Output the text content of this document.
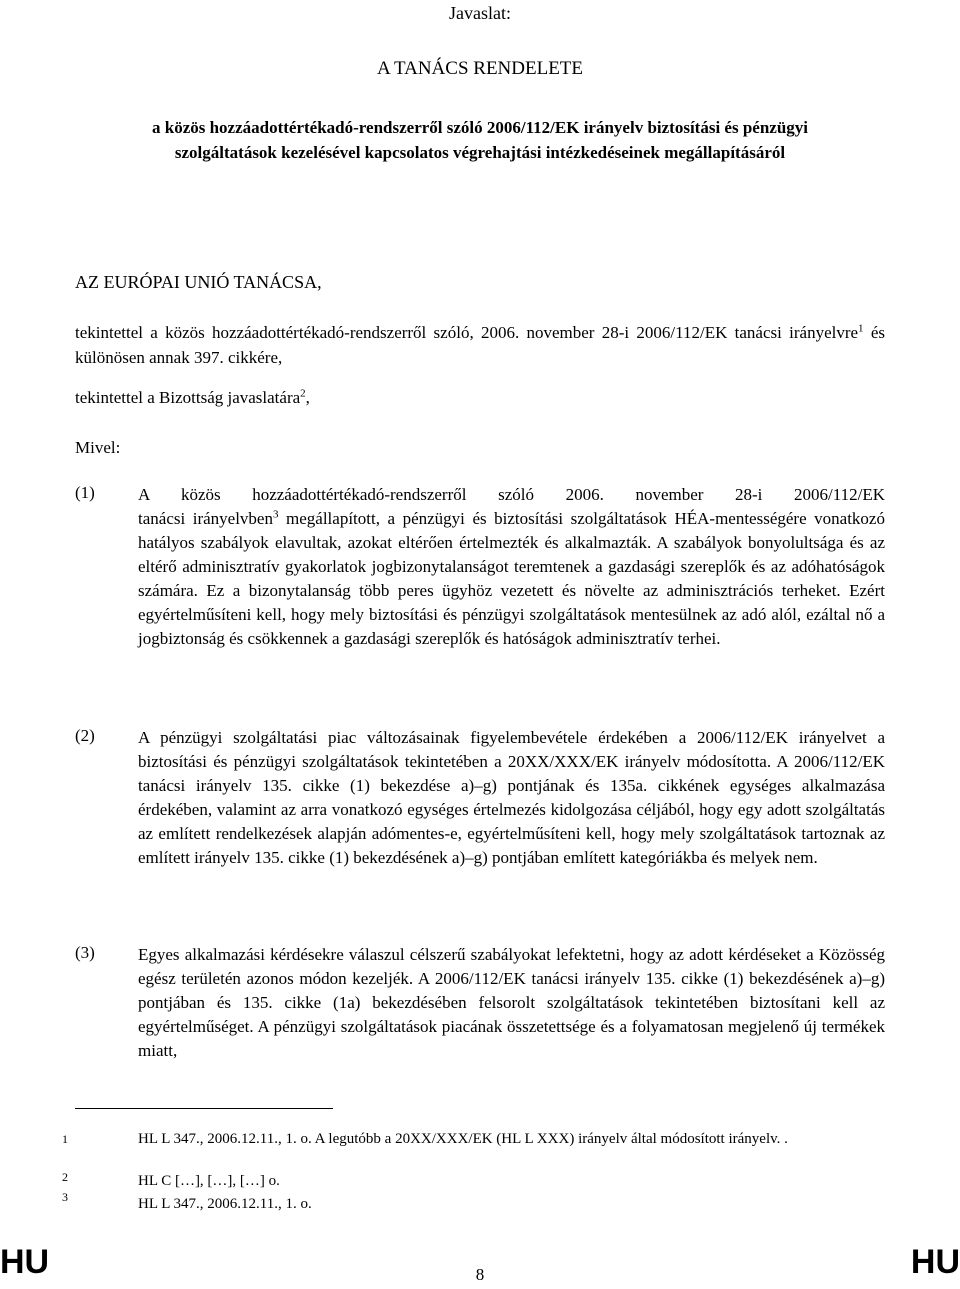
Javaslat:
A TANÁCS RENDELETE
a közös hozzáadottértékadó-rendszerről szóló 2006/112/EK irányelv biztosítási és pénzügyi szolgáltatások kezelésével kapcsolatos végrehajtási intézkedéseinek megállapításáról
AZ EURÓPAI UNIÓ TANÁCSA,
tekintettel a közös hozzáadottértékadó-rendszerről szóló, 2006. november 28-i 2006/112/EK tanácsi irányelvre$^1$ és különösen annak 397. cikkére,
tekintettel a Bizottság javaslatára$^2$,
Mivel:
(1)	A közös hozzáadottértékadó-rendszerről szóló 2006. november 28-i 2006/112/EK
tanácsi irányelvben$^3$ megállapított, a pénzügyi és biztosítási szolgáltatások HÉA-mentességére vonatkozó hatályos szabályok elavultak, azokat eltérően értelmezték és alkalmazták. A szabályok bonyolultsága és az eltérő adminisztratív gyakorlatok jogbizonytalanságot teremtenek a gazdasági szereplők és az adóhatóságok számára. Ez a bizonytalanság több peres ügyhöz vezetett és növelte az adminisztrációs terheket. Ezért egyértelműsíteni kell, hogy mely biztosítási és pénzügyi szolgáltatások mentesülnek az adó alól, ezáltal nő a jogbiztonság és csökkennek a gazdasági szereplők és hatóságok adminisztratív terhei.
(2)	A pénzügyi szolgáltatási piac változásainak figyelembevétele érdekében a 2006/112/EK irányelvet a biztosítási és pénzügyi szolgáltatások tekintetében a 20XX/XXX/EK irányelv módosította. A 2006/112/EK tanácsi irányelv 135. cikke (1) bekezdése a)–g) pontjának és 135a. cikkének egységes alkalmazása érdekében, valamint az arra vonatkozó egységes értelmezés kidolgozása céljából, hogy egy adott szolgáltatás az említett rendelkezések alapján adómentes-e, egyértelműsíteni kell, hogy mely szolgáltatások tartoznak az említett irányelv 135. cikke (1) bekezdésének a)–g) pontjában említett kategóriákba és melyek nem.
(3)	Egyes alkalmazási kérdésekre válaszul célszerű szabályokat lefektetni, hogy az adott kérdéseket a Közösség egész területén azonos módon kezeljék. A 2006/112/EK tanácsi irányelv 135. cikke (1) bekezdésének a)–g) pontjában és 135. cikke (1a) bekezdésében felsorolt szolgáltatások tekintetében biztosítani kell az egyértelműséget. A pénzügyi szolgáltatások piacának összetettsége és a folyamatosan megjelenő új termékek miatt,
1	HL L 347., 2006.12.11., 1. o. A legutóbb a 20XX/XXX/EK (HL L XXX) irányelv által módosított irányelv. .
2	HL C […], […], […] o.
3	HL L 347., 2006.12.11., 1. o.
HU	8	HU
